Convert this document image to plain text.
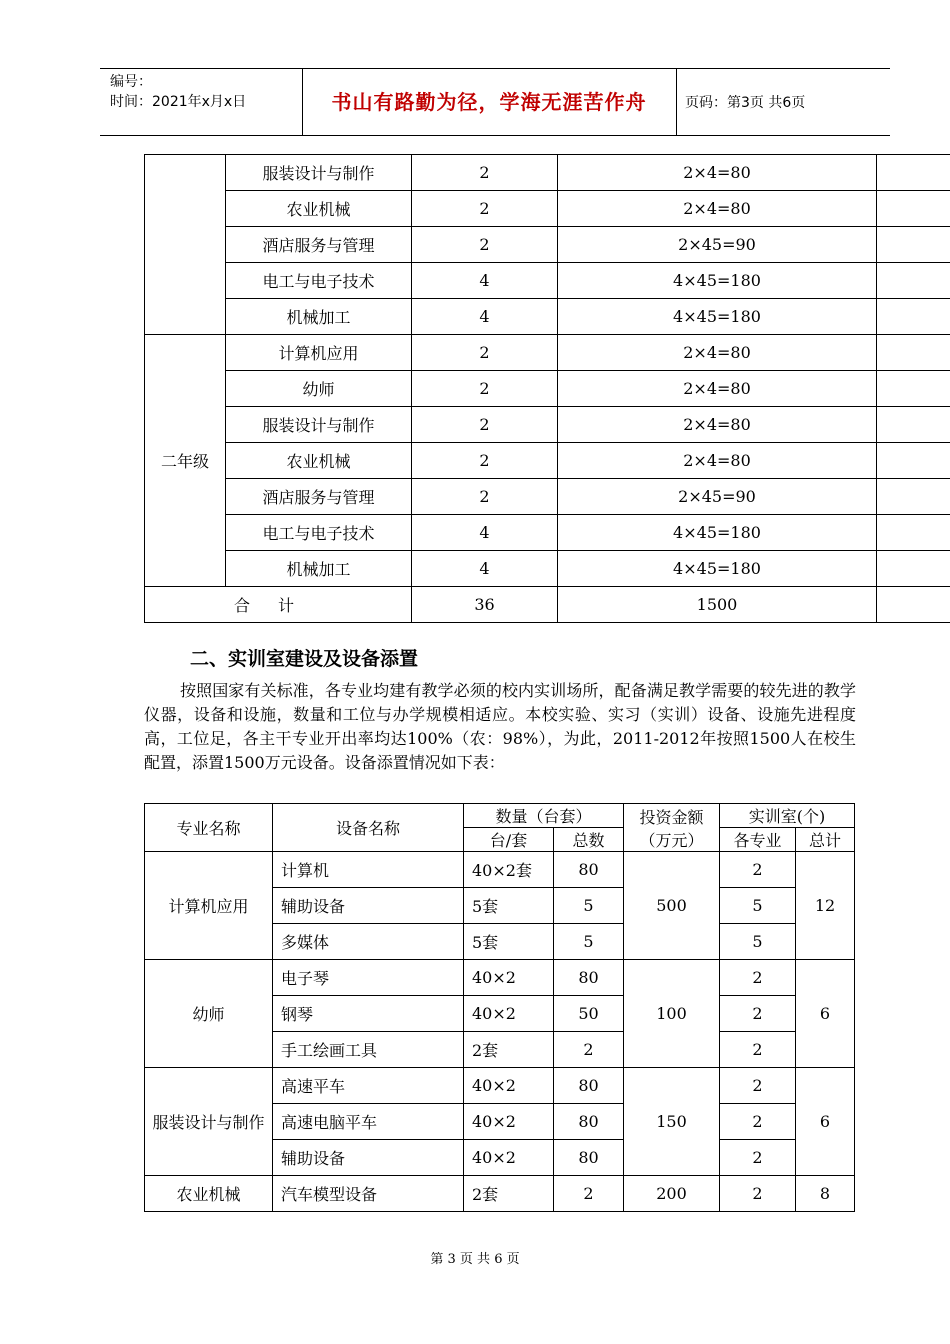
编号：
时间：2021年x月x日	书山有路勤为径，学海无涯苦作舟	页码：第3页 共6页
	服装设计与制作	2	2×4=80	
	农业机械	2	2×4=80	
	酒店服务与管理	2	2×45=90	
	电工与电子技术	4	4×45=180	
	机械加工	4	4×45=180	
二年级	计算机应用	2	2×4=80	
	幼师	2	2×4=80	
	服装设计与制作	2	2×4=80	
	农业机械	2	2×4=80	
	酒店服务与管理	2	2×45=90	
	电工与电子技术	4	4×45=180	
	机械加工	4	4×45=180	
合计		36	1500	
二、实训室建设及设备添置
按照国家有关标准，各专业均建有教学必须的校内实训场所，配备满足教学需要的较先进的教学仪器，设备和设施，数量和工位与办学规模相适应。本校实验、实习（实训）设备、设施先进程度高，工位足，各主干专业开出率均达100%（农：98%），为此，2011-2012年按照1500人在校生配置，添置1500万元设备。设备添置情况如下表：
专业名称	设备名称	数量（台套）		投资金额（万元）	实训室(个)	
		台/套	总数		各专业	总计
计算机应用	计算机	40×2套	80	500	2	12
	辅助设备	5套	5		5	
	多媒体	5套	5		5	
幼师	电子琴	40×2	80	100	2	6
	钢琴	40×2	50		2	
	手工绘画工具	2套	2		2	
服装设计与制作	高速平车	40×2	80	150	2	6
	高速电脑平车	40×2	80		2	
	辅助设备	40×2	80		2	
农业机械	汽车模型设备	2套	2	200	2	8
第 3 页 共 6 页
